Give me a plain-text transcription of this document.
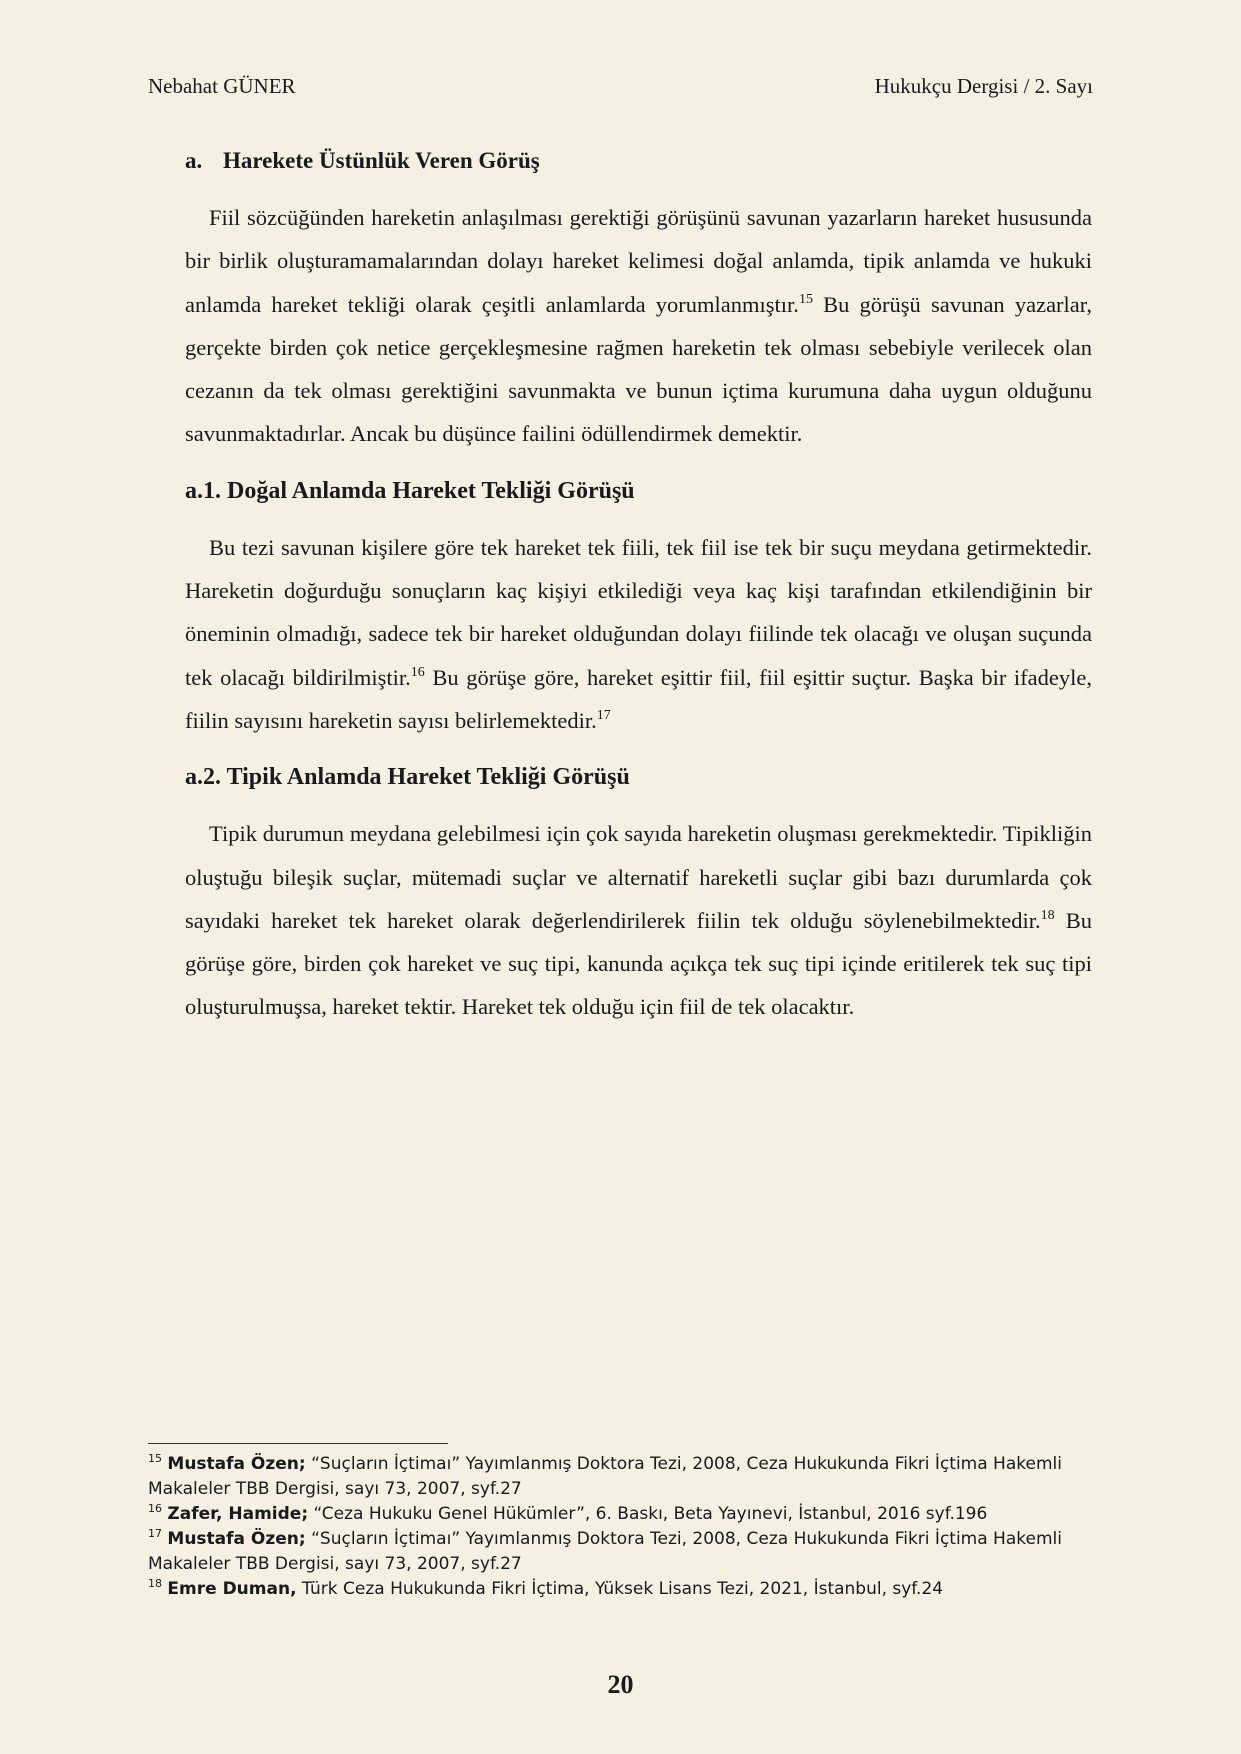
Nebahat GÜNER	Hukukçu Dergisi / 2. Sayı
a. Harekete Üstünlük Veren Görüş

Fiil sözcüğünden hareketin anlaşılması gerektiği görüşünü savunan yazarların hareket hususunda bir birlik oluşturamamalarından dolayı hareket kelimesi doğal anlamda, tipik anlamda ve hukuki anlamda hareket tekliği olarak çeşitli anlamlarda yorumlanmıştır.$^{15}$ Bu görüşü savunan yazarlar, gerçekte birden çok netice gerçekleşmesine rağmen hareketin tek olması sebebiyle verilecek olan cezanın da tek olması gerektiğini savunmakta ve bunun içtima kurumuna daha uygun olduğunu savunmaktadırlar. Ancak bu düşünce failini ödüllendirmek demektir.

a.1. Doğal Anlamda Hareket Tekliği Görüşü

Bu tezi savunan kişilere göre tek hareket tek fiili, tek fiil ise tek bir suçu meydana getirmektedir. Hareketin doğurduğu sonuçların kaç kişiyi etkilediği veya kaç kişi tarafından etkilendiğinin bir öneminin olmadığı, sadece tek bir hareket olduğundan dolayı fiilinde tek olacağı ve oluşan suçunda tek olacağı bildirilmiştir.$^{16}$ Bu görüşe göre, hareket eşittir fiil, fiil eşittir suçtur. Başka bir ifadeyle, fiilin sayısını hareketin sayısı belirlemektedir.$^{17}$

a.2. Tipik Anlamda Hareket Tekliği Görüşü

Tipik durumun meydana gelebilmesi için çok sayıda hareketin oluşması gerekmektedir. Tipikliğin oluştuğu bileşik suçlar, mütemadi suçlar ve alternatif hareketli suçlar gibi bazı durumlarda çok sayıdaki hareket tek hareket olarak değerlendirilerek fiilin tek olduğu söylenebilmektedir.$^{18}$ Bu görüşe göre, birden çok hareket ve suç tipi, kanunda açıkça tek suç tipi içinde eritilerek tek suç tipi oluşturulmuşsa, hareket tektir. Hareket tek olduğu için fiil de tek olacaktır.

$^{15}$ Mustafa Özen; “Suçların İçtimaı” Yayımlanmış Doktora Tezi, 2008, Ceza Hukukunda Fikri İçtima Hakemli Makaleler TBB Dergisi, sayı 73, 2007, syf.27

$^{16}$ Zafer, Hamide; “Ceza Hukuku Genel Hükümler”, 6. Baskı, Beta Yayınevi, İstanbul, 2016 syf.196

$^{17}$ Mustafa Özen; “Suçların İçtimaı” Yayımlanmış Doktora Tezi, 2008, Ceza Hukukunda Fikri İçtima Hakemli Makaleler TBB Dergisi, sayı 73, 2007, syf.27

$^{18}$ Emre Duman, Türk Ceza Hukukunda Fikri İçtima, Yüksek Lisans Tezi, 2021, İstanbul, syf.24

20
